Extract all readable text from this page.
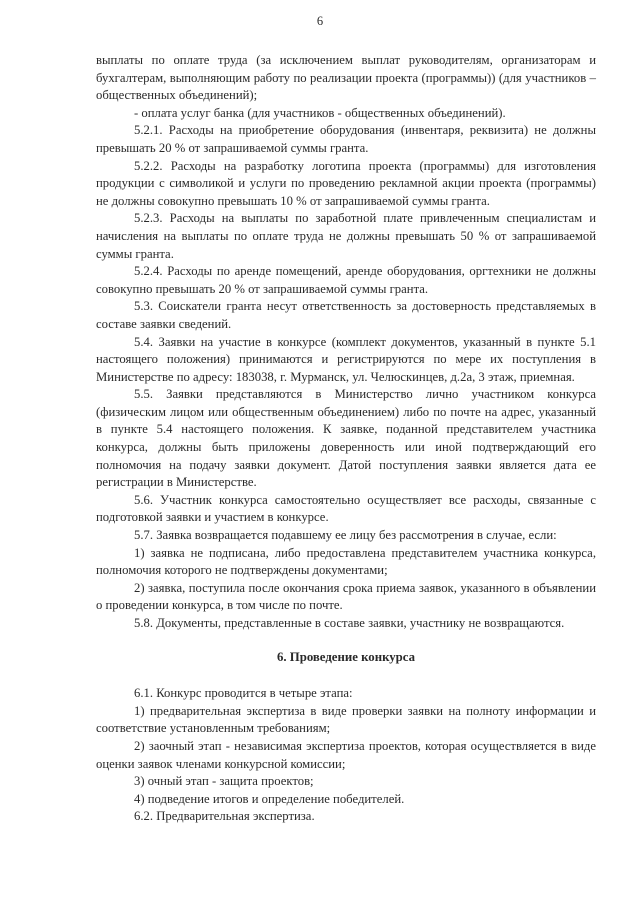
6

выплаты по оплате труда (за исключением выплат руководителям, организаторам и бухгалтерам, выполняющим работу по реализации проекта (программы)) (для участников – общественных объединений);

- оплата услуг банка (для участников - общественных объединений).

5.2.1. Расходы на приобретение оборудования (инвентаря, реквизита) не должны превышать 20 % от запрашиваемой суммы гранта.

5.2.2. Расходы на разработку логотипа проекта (программы) для изготовления продукции с символикой и услуги по проведению рекламной акции проекта (программы) не должны совокупно превышать 10 % от запрашиваемой суммы гранта.

5.2.3. Расходы на выплаты по заработной плате привлеченным специалистам и начисления на выплаты по оплате труда не должны превышать 50 % от запрашиваемой суммы гранта.

5.2.4. Расходы по аренде помещений, аренде оборудования, оргтехники не должны совокупно превышать 20 % от запрашиваемой суммы гранта.

5.3. Соискатели гранта несут ответственность за достоверность представляемых в составе заявки сведений.

5.4. Заявки на участие в конкурсе (комплект документов, указанный в пункте 5.1 настоящего положения) принимаются и регистрируются по мере их поступления в Министерстве по адресу: 183038, г. Мурманск, ул. Челюскинцев, д.2а, 3 этаж, приемная.

5.5. Заявки представляются в Министерство лично участником конкурса (физическим лицом или общественным объединением) либо по почте на адрес, указанный в пункте 5.4 настоящего положения. К заявке, поданной представителем участника конкурса, должны быть приложены доверенность или иной подтверждающий его полномочия на подачу заявки документ. Датой поступления заявки является дата ее регистрации в Министерстве.

5.6. Участник конкурса самостоятельно осуществляет все расходы, связанные с подготовкой заявки и участием в конкурсе.

5.7. Заявка возвращается подавшему ее лицу без рассмотрения в случае, если:

1) заявка не подписана, либо предоставлена представителем участника конкурса, полномочия которого не подтверждены документами;

2) заявка, поступила после окончания срока приема заявок, указанного в объявлении о проведении конкурса, в том числе по почте.

5.8. Документы, представленные в составе заявки, участнику не возвращаются.

6. Проведение конкурса

6.1. Конкурс проводится в четыре этапа:

1) предварительная экспертиза в виде проверки заявки на полноту информации и соответствие установленным требованиям;

2) заочный этап - независимая экспертиза проектов, которая осуществляется в виде оценки заявок членами конкурсной комиссии;

3) очный этап - защита проектов;

4) подведение итогов и определение победителей.

6.2. Предварительная экспертиза.
